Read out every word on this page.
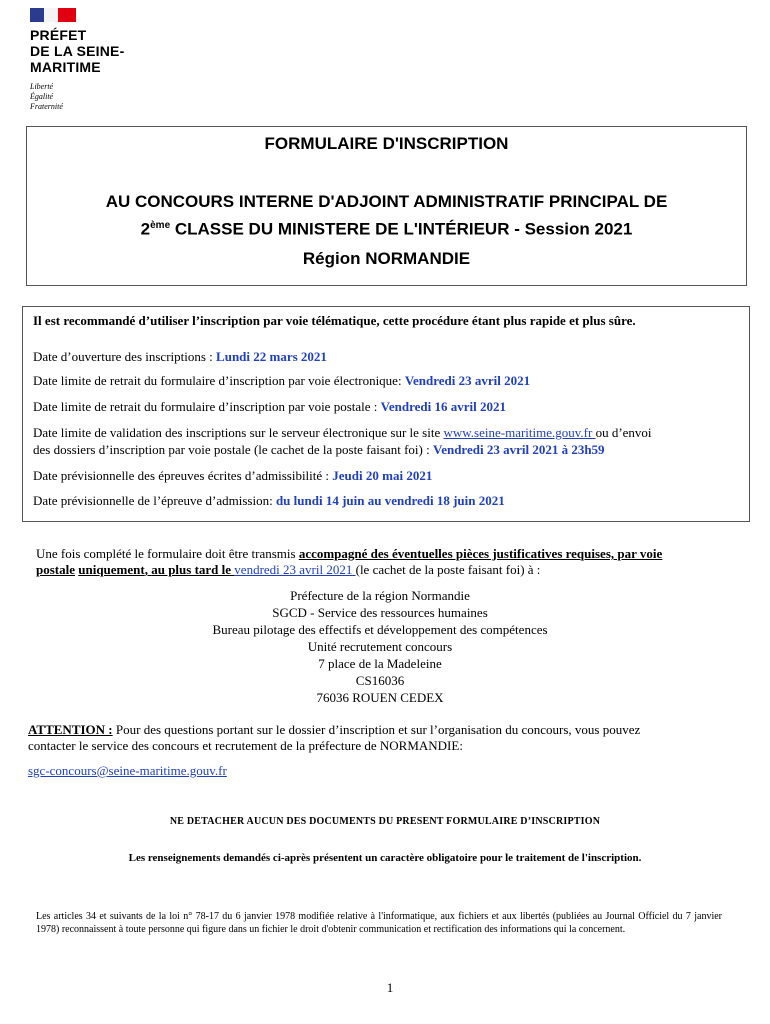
PRÉFET
DE LA SEINE-
MARITIME
Liberté
Égalité
Fraternité
FORMULAIRE D'INSCRIPTION
AU CONCOURS INTERNE D'ADJOINT ADMINISTRATIF PRINCIPAL DE
2ème CLASSE DU MINISTERE DE L'INTÉRIEUR - Session 2021
Région NORMANDIE
Il est recommandé d’utiliser l’inscription par voie télématique, cette procédure étant plus rapide et plus sûre.
Date d’ouverture des inscriptions : Lundi 22 mars 2021
Date limite de retrait du formulaire d’inscription par voie électronique: Vendredi 23 avril 2021
Date limite de retrait du formulaire d’inscription par voie postale : Vendredi 16 avril 2021
Date limite de validation des inscriptions sur le serveur électronique sur le site www.seine-maritime.gouv.fr ou d’envoi
des dossiers d’inscription par voie postale (le cachet de la poste faisant foi) : Vendredi 23 avril 2021 à 23h59
Date prévisionnelle des épreuves écrites d’admissibilité : Jeudi 20 mai 2021
Date prévisionnelle de l’épreuve d’admission: du lundi 14 juin au vendredi 18 juin 2021
Une fois complété le formulaire doit être transmis accompagné des éventuelles pièces justificatives requises, par voie
postale uniquement, au plus tard le vendredi 23 avril 2021 (le cachet de la poste faisant foi) à :
Préfecture de la région Normandie
SGCD - Service des ressources humaines
Bureau pilotage des effectifs et développement des compétences
Unité recrutement concours
7 place de la Madeleine
CS16036
76036 ROUEN CEDEX
ATTENTION : Pour des questions portant sur le dossier d’inscription et sur l’organisation du concours, vous pouvez
contacter le service des concours et recrutement de la préfecture de NORMANDIE:
sgc-concours@seine-maritime.gouv.fr
NE DETACHER AUCUN DES DOCUMENTS DU PRESENT FORMULAIRE D’INSCRIPTION
Les renseignements demandés ci-après présentent un caractère obligatoire pour le traitement de l'inscription.
Les articles 34 et suivants de la loi n° 78-17 du 6 janvier 1978 modifiée relative à l'informatique, aux fichiers et aux libertés (publiées au Journal Officiel du 7 janvier 1978) reconnaissent à toute personne qui figure dans un fichier le droit d'obtenir communication et rectification des informations qui la concernent.
1
